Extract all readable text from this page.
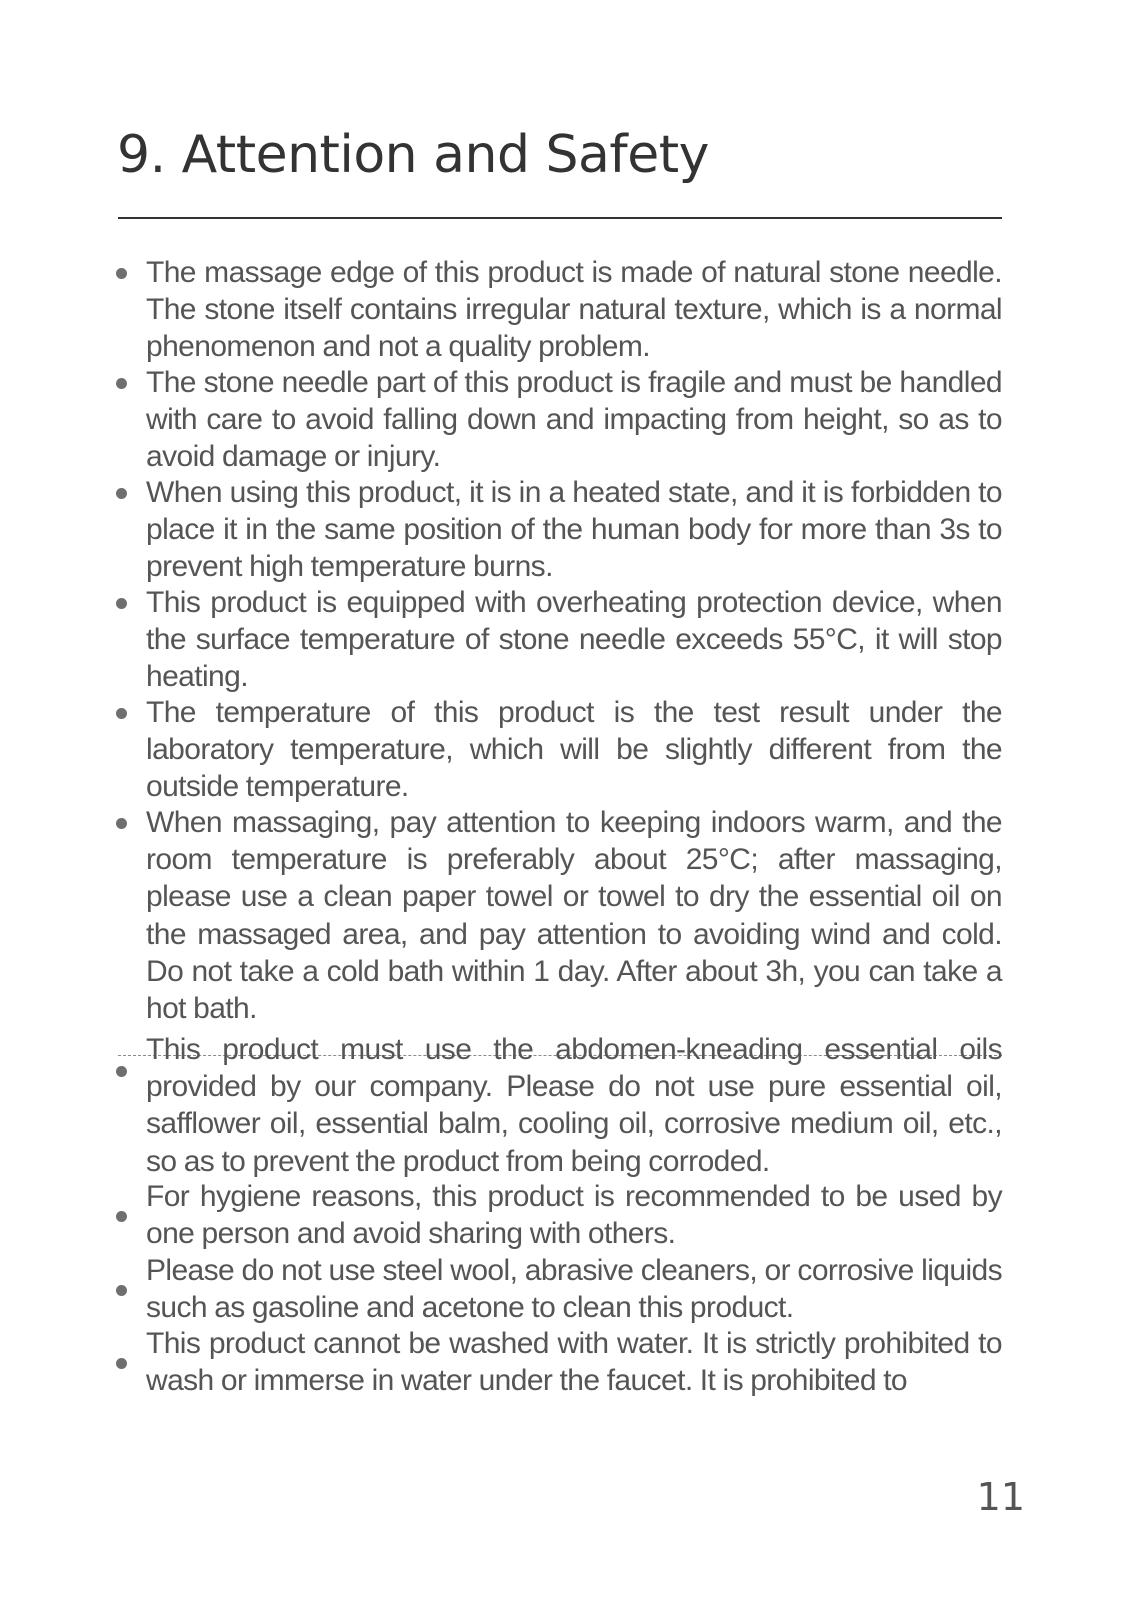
9. Attention and Safety
The massage edge of this product is made of natural stone needle. The stone itself contains irregular natural texture, which is a normal phenomenon and not a quality problem.
The stone needle part of this product is fragile and must be handled with care to avoid falling down and impacting from height, so as to avoid damage or injury.
When using this product, it is in a heated state, and it is forbidden to place it in the same position of the human body for more than 3s to prevent high temperature burns.
This product is equipped with overheating protection device, when the surface temperature of stone needle exceeds 55°C, it will stop heating.
The temperature of this product is the test result under the laboratory temperature, which will be slightly different from the outside temperature.
When massaging, pay attention to keeping indoors warm, and the room temperature is preferably about 25°C; after massaging, please use a clean paper towel or towel to dry the essential oil on the massaged area, and pay attention to avoiding wind and cold. Do not take a cold bath within 1 day. After about 3h, you can take a hot bath.
This product must use the abdomen-kneading essential oils provided by our company. Please do not use pure essential oil, safflower oil, essential balm, cooling oil, corrosive medium oil, etc., so as to prevent the product from being corroded.
For hygiene reasons, this product is recommended to be used by one person and avoid sharing with others.
Please do not use steel wool, abrasive cleaners, or corrosive liquids such as gasoline and acetone to clean this product.
This product cannot be washed with water. It is strictly prohibited to wash or immerse in water under the faucet. It is prohibited to
11
